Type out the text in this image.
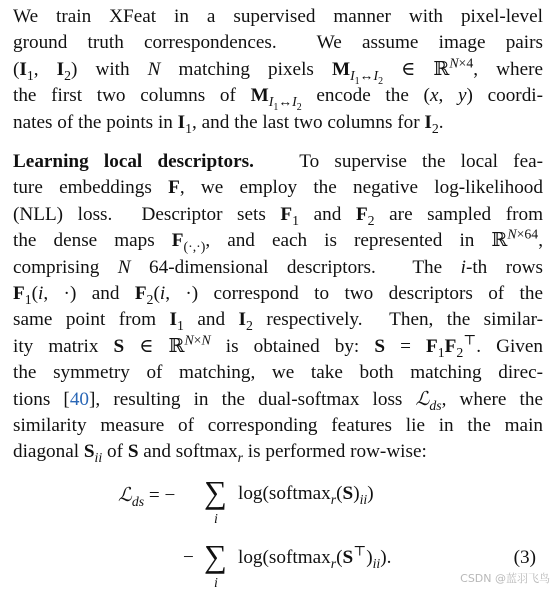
We train XFeat in a supervised manner with pixel-level
ground truth correspondences.  We assume image pairs
($I_1$, $I_2$) with N matching pixels $M_{I_1\leftrightarrow I_2}$ ∈ ℝ$^{N\times 4}$, where
the first two columns of $M_{I_1\leftrightarrow I_2}$ encode the (x, y) coordi-
nates of the points in $I_1$, and the last two columns for $I_2$.
Learning local descriptors.   To supervise the local fea-
ture embeddings F, we employ the negative log-likelihood
(NLL) loss.  Descriptor sets $F_1$ and $F_2$ are sampled from
the dense maps $F_{(\cdot,\cdot)}$, and each is represented in ℝ$^{N\times 64}$,
comprising N 64-dimensional descriptors.  The i-th rows
$F_1(i$, ·) and $F_2(i$, ·) correspond to two descriptors of the
same point from $I_1$ and $I_2$ respectively.  Then, the similar-
ity matrix S ∈ ℝ$^{N\times N}$ is obtained by: $S = F_1F_2^⊤$. Given
the symmetry of matching, we take both matching direc-
tions [40], resulting in the dual-softmax loss ℒ$_{ds}$, where the
similarity measure of corresponding features lie in the main
diagonal $S_{ii}$ of S and softmax$_r$ is performed row-wise:
ℒ$_{ds}$ = − ∑
i
$\log(softmax_r(S)_{ii})$
− ∑
i
$\log(softmax_r(S^⊤)_{ii})$.	(3)
CSDN @蓝羽飞鸟
